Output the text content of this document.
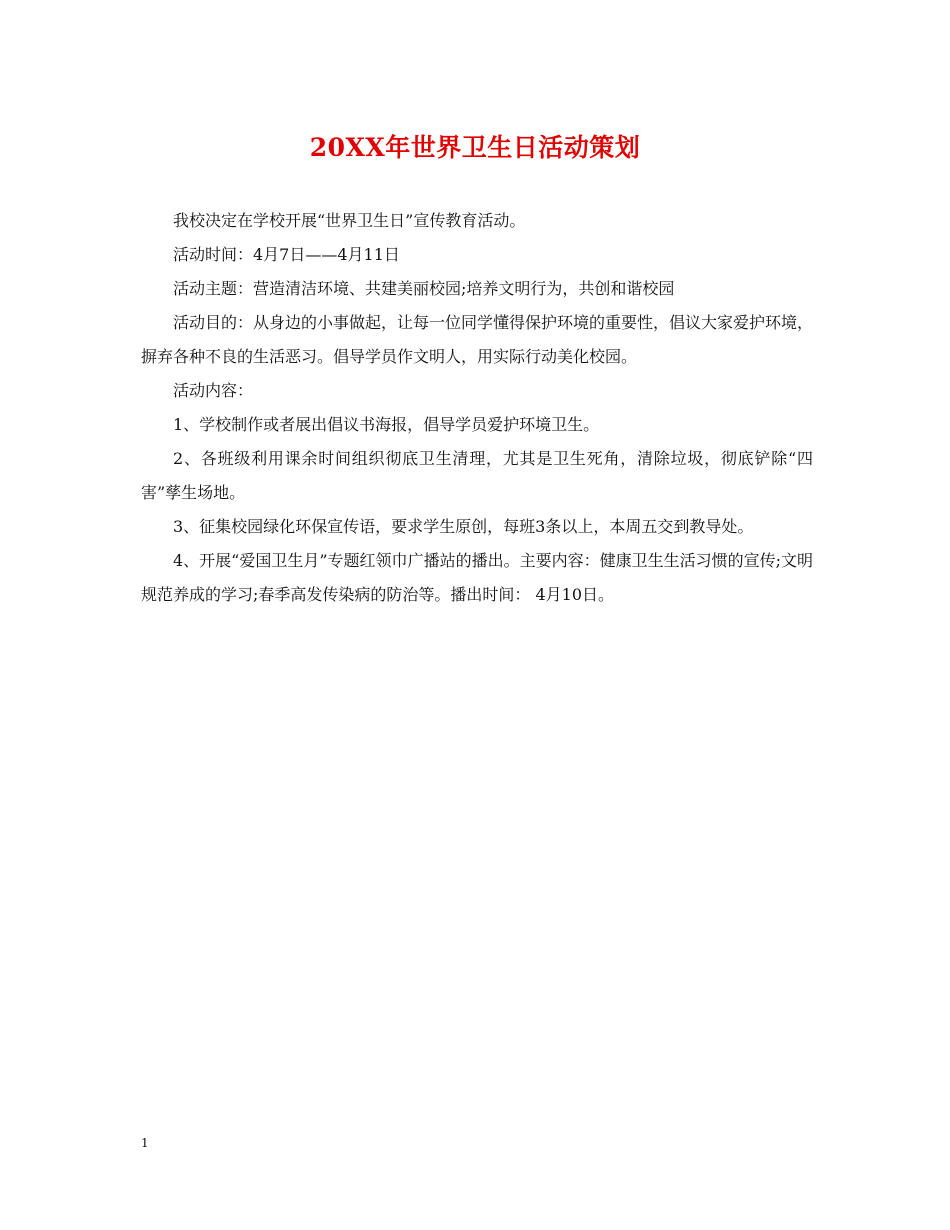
20XX年世界卫生日活动策划

我校决定在学校开展“世界卫生日”宣传教育活动。

活动时间：4月7日——4月11日

活动主题：营造清洁环境、共建美丽校园;培养文明行为，共创和谐校园

活动目的：从身边的小事做起，让每一位同学懂得保护环境的重要性，倡议大家爱护环境，摒弃各种不良的生活恶习。倡导学员作文明人，用实际行动美化校园。

活动内容：

1、学校制作或者展出倡议书海报，倡导学员爱护环境卫生。

2、各班级利用课余时间组织彻底卫生清理，尤其是卫生死角，清除垃圾，彻底铲除“四害”孳生场地。

3、征集校园绿化环保宣传语，要求学生原创，每班3条以上，本周五交到教导处。

4、开展“爱国卫生月”专题红领巾广播站的播出。主要内容：健康卫生生活习惯的宣传;文明规范养成的学习;春季高发传染病的防治等。播出时间： 4月10日。

1
